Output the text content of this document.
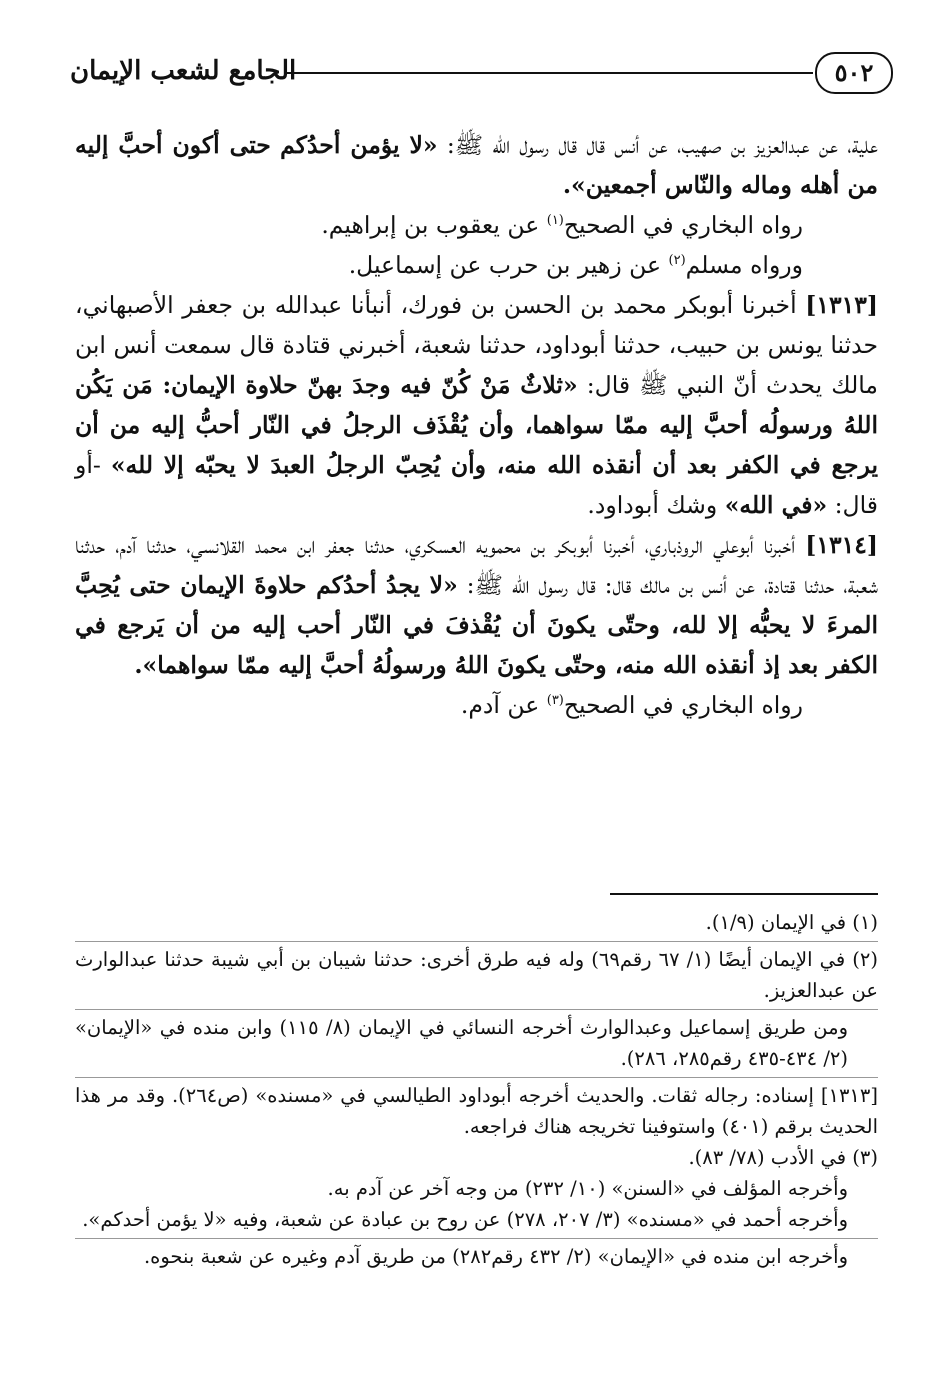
٥٠٢
الجامع لشعب الإيمان

علية، عن عبدالعزيز بن صهيب، عن أنس قال قال رسول الله ﷺ: «لا يؤمن أحدُكم حتى أكون أحبَّ إليه من أهله وماله والنّاس أجمعين».

رواه البخاري في الصحيح$^{(١)}$ عن يعقوب بن إبراهيم.

ورواه مسلم$^{(٢)}$ عن زهير بن حرب عن إسماعيل.

[١٣١٣] أخبرنا أبوبكر محمد بن الحسن بن فورك، أنبأنا عبدالله بن جعفر الأصبهاني، حدثنا يونس بن حبيب، حدثنا أبوداود، حدثنا شعبة، أخبرني قتادة قال سمعت أنس ابن مالك يحدث أنّ النبي ﷺ قال: «ثلاثٌ مَنْ كُنّ فيه وجدَ بهنّ حلاوة الإيمان: مَن يَكُن اللهُ ورسولُه أحبَّ إليه ممّا سواهما، وأن يُقْذَف الرجلُ في النّار أحبُّ إليه من أن يرجع في الكفر بعد أن أنقذه الله منه، وأن يُحِبّ الرجلُ العبدَ لا يحبّه إلا لله» -أو قال: «في الله» وشك أبوداود.

[١٣١٤] أخبرنا أبوعلي الروذباري، أخبرنا أبوبكر بن محمويه العسكري، حدثنا جعفر ابن محمد القلانسي، حدثنا آدم، حدثنا شعبة، حدثنا قتادة، عن أنس بن مالك قال: قال رسول الله ﷺ: «لا يجدُ أحدُكم حلاوةَ الإيمان حتى يُحِبَّ المرءَ لا يحبُّه إلا لله، وحتّى يكونَ أن يُقْذفَ في النّار أحب إليه من أن يَرجع في الكفر بعد إذ أنقذه الله منه، وحتّى يكونَ اللهُ ورسولُهُ أحبَّ إليه ممّا سواهما».

رواه البخاري في الصحيح$^{(٣)}$ عن آدم.

(١) في الإيمان (١/٩).

(٢) في الإيمان أيضًا (١/ ٦٧ رقم٦٩) وله فيه طرق أخرى: حدثنا شيبان بن أبي شيبة حدثنا عبدالوارث عن عبدالعزيز.

ومن طريق إسماعيل وعبدالوارث أخرجه النسائي في الإيمان (٨/ ١١٥) وابن منده في «الإيمان» (٢/ ٤٣٤-٤٣٥ رقم٢٨٥، ٢٨٦).

[١٣١٣] إسناده: رجاله ثقات. والحديث أخرجه أبوداود الطيالسي في «مسنده» (ص٢٦٤). وقد مر هذا الحديث برقم (٤٠١) واستوفينا تخريجه هناك فراجعه.

(٣) في الأدب (٧٨/ ٨٣).

وأخرجه المؤلف في «السنن» (١٠/ ٢٣٢) من وجه آخر عن آدم به.

وأخرجه أحمد في «مسنده» (٣/ ٢٠٧، ٢٧٨) عن روح بن عبادة عن شعبة، وفيه «لا يؤمن أحدكم».

وأخرجه ابن منده في «الإيمان» (٢/ ٤٣٢ رقم٢٨٢) من طريق آدم وغيره عن شعبة بنحوه.
